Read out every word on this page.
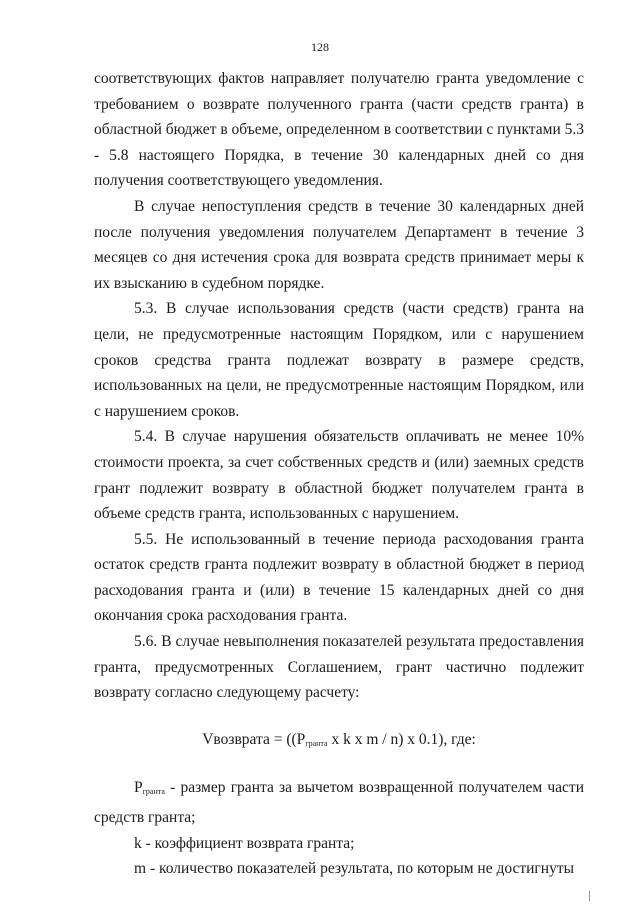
128

соответствующих фактов направляет получателю гранта уведомление с требованием о возврате полученного гранта (части средств гранта) в областной бюджет в объеме, определенном в соответствии с пунктами 5.3 - 5.8 настоящего Порядка, в течение 30 календарных дней со дня получения соответствующего уведомления.

В случае непоступления средств в течение 30 календарных дней после получения уведомления получателем Департамент в течение 3 месяцев со дня истечения срока для возврата средств принимает меры к их взысканию в судебном порядке.

5.3. В случае использования средств (части средств) гранта на цели, не предусмотренные настоящим Порядком, или с нарушением сроков средства гранта подлежат возврату в размере средств, использованных на цели, не предусмотренные настоящим Порядком, или с нарушением сроков.

5.4. В случае нарушения обязательств оплачивать не менее 10% стоимости проекта, за счет собственных средств и (или) заемных средств грант подлежит возврату в областной бюджет получателем гранта в объеме средств гранта, использованных с нарушением.

5.5. Не использованный в течение периода расходования гранта остаток средств гранта подлежит возврату в областной бюджет в период расходования гранта и (или) в течение 15 календарных дней со дня окончания срока расходования гранта.

5.6. В случае невыполнения показателей результата предоставления гранта, предусмотренных Соглашением, грант частично подлежит возврату согласно следующему расчету:

Vвозврата = (($P_{гранта}$ x k x m / n) x 0.1), где:

$P_{гранта}$ - размер гранта за вычетом возвращенной получателем части средств гранта;

k - коэффициент возврата гранта;

m - количество показателей результата, по которым не достигнуты
